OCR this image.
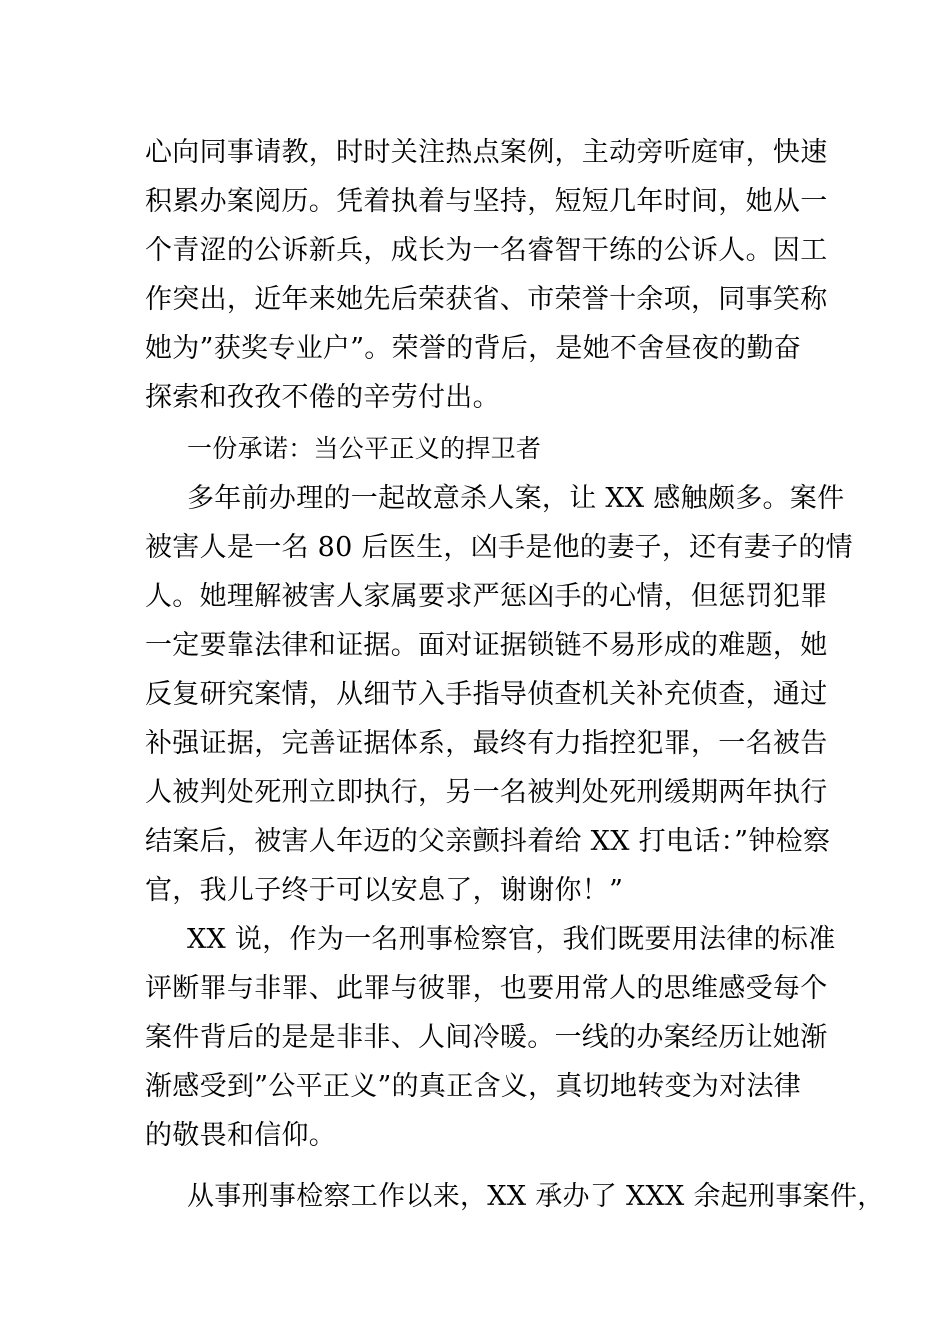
心向同事请教，时时关注热点案例，主动旁听庭审，快速
积累办案阅历。凭着执着与坚持，短短几年时间，她从一
个青涩的公诉新兵，成长为一名睿智干练的公诉人。因工
作突出，近年来她先后荣获省、市荣誉十余项，同事笑称
她为”获奖专业户”。荣誉的背后，是她不舍昼夜的勤奋
探索和孜孜不倦的辛劳付出。
一份承诺：当公平正义的捍卫者
多年前办理的一起故意杀人案，让 XX 感触颇多。案件
被害人是一名 80 后医生，凶手是他的妻子，还有妻子的情
人。她理解被害人家属要求严惩凶手的心情，但惩罚犯罪
一定要靠法律和证据。面对证据锁链不易形成的难题，她
反复研究案情，从细节入手指导侦查机关补充侦查，通过
补强证据，完善证据体系，最终有力指控犯罪，一名被告
人被判处死刑立即执行，另一名被判处死刑缓期两年执行
结案后，被害人年迈的父亲颤抖着给 XX 打电话：”钟检察
官，我儿子终于可以安息了，谢谢你！”
XX 说，作为一名刑事检察官，我们既要用法律的标准
评断罪与非罪、此罪与彼罪，也要用常人的思维感受每个
案件背后的是是非非、人间冷暖。一线的办案经历让她渐
渐感受到”公平正义”的真正含义，真切地转变为对法律
的敬畏和信仰。
从事刑事检察工作以来，XX 承办了 XXX 余起刑事案件，
